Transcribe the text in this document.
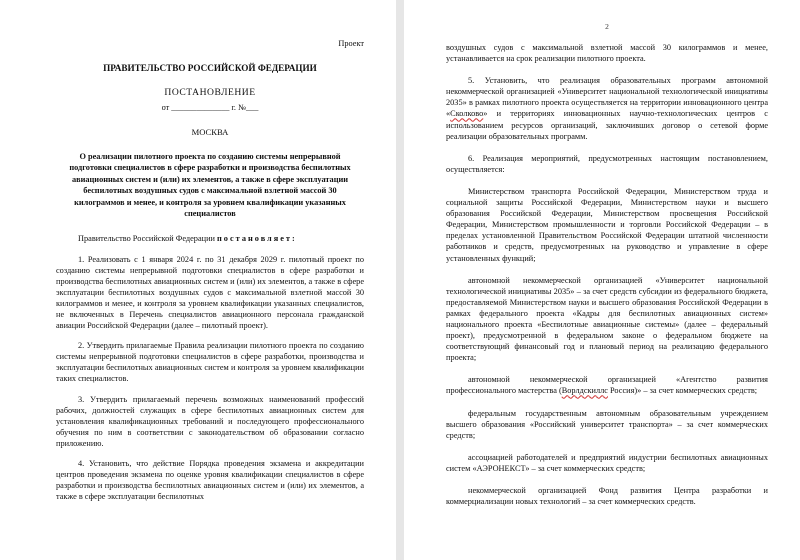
Проект

ПРАВИТЕЛЬСТВО РОССИЙСКОЙ ФЕДЕРАЦИИ

ПОСТАНОВЛЕНИЕ

от ______________ г. №___

МОСКВА

О реализации пилотного проекта по созданию системы непрерывной подготовки специалистов в сфере разработки и производства беспилотных авиационных систем и (или) их элементов, а также в сфере эксплуатации беспилотных воздушных судов с максимальной взлетной массой 30 килограммов и менее, и контроля за уровнем квалификации указанных специалистов

Правительство Российской Федерации постановляет:

1. Реализовать с 1 января 2024 г. по 31 декабря 2029 г. пилотный проект по созданию системы непрерывной подготовки специалистов в сфере разработки и производства беспилотных авиационных систем и (или) их элементов, а также в сфере эксплуатации беспилотных воздушных судов с максимальной взлетной массой 30 килограммов и менее, и контроля за уровнем квалификации указанных специалистов, не включенных в Перечень специалистов авиационного персонала гражданской авиации Российской Федерации (далее – пилотный проект).

2. Утвердить прилагаемые Правила реализации пилотного проекта по созданию системы непрерывной подготовки специалистов в сфере разработки, производства и эксплуатации беспилотных авиационных систем и контроля за уровнем квалификации таких специалистов.

3. Утвердить прилагаемый перечень возможных наименований профессий рабочих, должностей служащих в сфере беспилотных авиационных систем для установления квалификационных требований и последующего профессионального обучения по ним в соответствии с законодательством об образовании согласно приложению.

4. Установить, что действие Порядка проведения экзамена и аккредитации центров проведения экзамена по оценке уровня квалификации специалистов в сфере разработки и производства беспилотных авиационных систем и (или) их элементов, а также в сфере эксплуатации беспилотных

2

воздушных судов с максимальной взлетной массой 30 килограммов и менее, устанавливается на срок реализации пилотного проекта.

5. Установить, что реализация образовательных программ автономной некоммерческой организацией «Университет национальной технологической инициативы 2035» в рамках пилотного проекта осуществляется на территории инновационного центра «Сколково» и территориях инновационных научно-технологических центров с использованием ресурсов организаций, заключивших договор о сетевой форме реализации образовательных программ.

6. Реализация мероприятий, предусмотренных настоящим постановлением, осуществляется:

Министерством транспорта Российской Федерации, Министерством труда и социальной защиты Российской Федерации, Министерством науки и высшего образования Российской Федерации, Министерством просвещения Российской Федерации, Министерством промышленности и торговли Российской Федерации – в пределах установленной Правительством Российской Федерации штатной численности работников и средств, предусмотренных на руководство и управление в сфере установленных функций;

автономной некоммерческой организацией «Университет национальной технологической инициативы 2035» – за счет средств субсидии из федерального бюджета, предоставляемой Министерством науки и высшего образования Российской Федерации в рамках федерального проекта «Кадры для беспилотных авиационных систем» национального проекта «Беспилотные авиационные системы» (далее – федеральный проект), предусмотренной в федеральном законе о федеральном бюджете на соответствующий финансовый год и плановый период на реализацию федерального проекта;

автономной некоммерческой организацией «Агентство развития профессионального мастерства (Ворлдскиллс Россия)» – за счет коммерческих средств;

федеральным государственным автономным образовательным учреждением высшего образования «Российский университет транспорта» – за счет коммерческих средств;

ассоциацией работодателей и предприятий индустрии беспилотных авиационных систем «АЭРОНЕКСТ» – за счет коммерческих средств;

некоммерческой организацией Фонд развития Центра разработки и коммерциализации новых технологий – за счет коммерческих средств.
